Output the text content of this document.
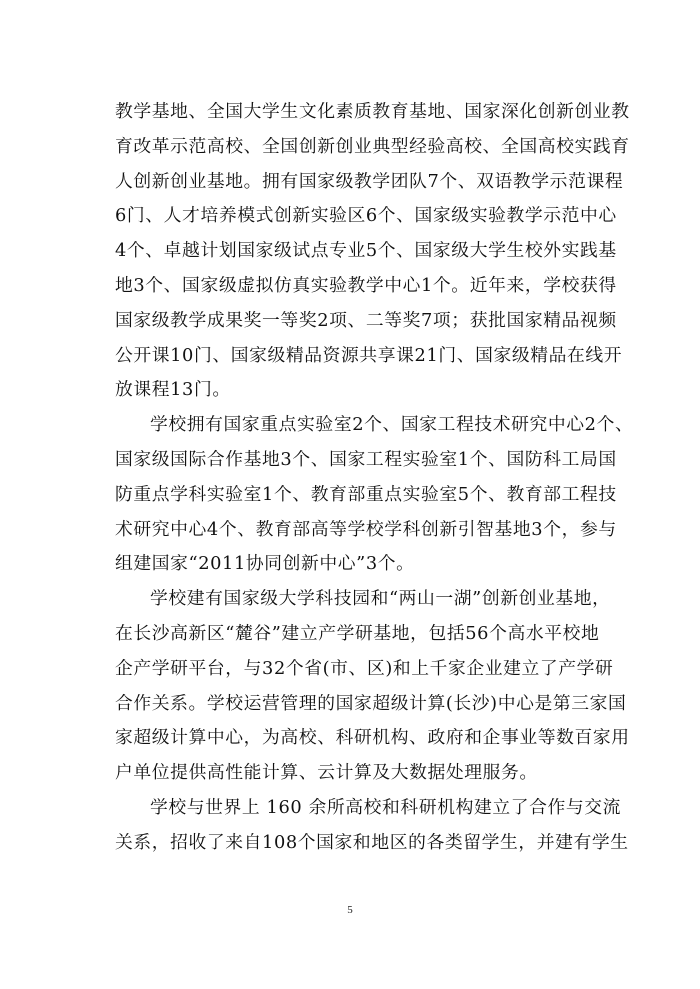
教学基地、全国大学生文化素质教育基地、国家深化创新创业教
育改革示范高校、全国创新创业典型经验高校、全国高校实践育
人创新创业基地。拥有国家级教学团队7个、双语教学示范课程
6门、人才培养模式创新实验区6个、国家级实验教学示范中心
4个、卓越计划国家级试点专业5个、国家级大学生校外实践基
地3个、国家级虚拟仿真实验教学中心1个。近年来，学校获得
国家级教学成果奖一等奖2项、二等奖7项；获批国家精品视频
公开课10门、国家级精品资源共享课21门、国家级精品在线开
放课程13门。

学校拥有国家重点实验室2个、国家工程技术研究中心2个、
国家级国际合作基地3个、国家工程实验室1个、国防科工局国
防重点学科实验室1个、教育部重点实验室5个、教育部工程技
术研究中心4个、教育部高等学校学科创新引智基地3个，参与
组建国家“2011协同创新中心”3个。

学校建有国家级大学科技园和“两山一湖”创新创业基地，
在长沙高新区“麓谷”建立产学研基地，包括56个高水平校地
企产学研平台，与32个省(市、区)和上千家企业建立了产学研
合作关系。学校运营管理的国家超级计算(长沙)中心是第三家国
家超级计算中心，为高校、科研机构、政府和企事业等数百家用
户单位提供高性能计算、云计算及大数据处理服务。

学校与世界上 160 余所高校和科研机构建立了合作与交流
关系，招收了来自108个国家和地区的各类留学生，并建有学生

5
